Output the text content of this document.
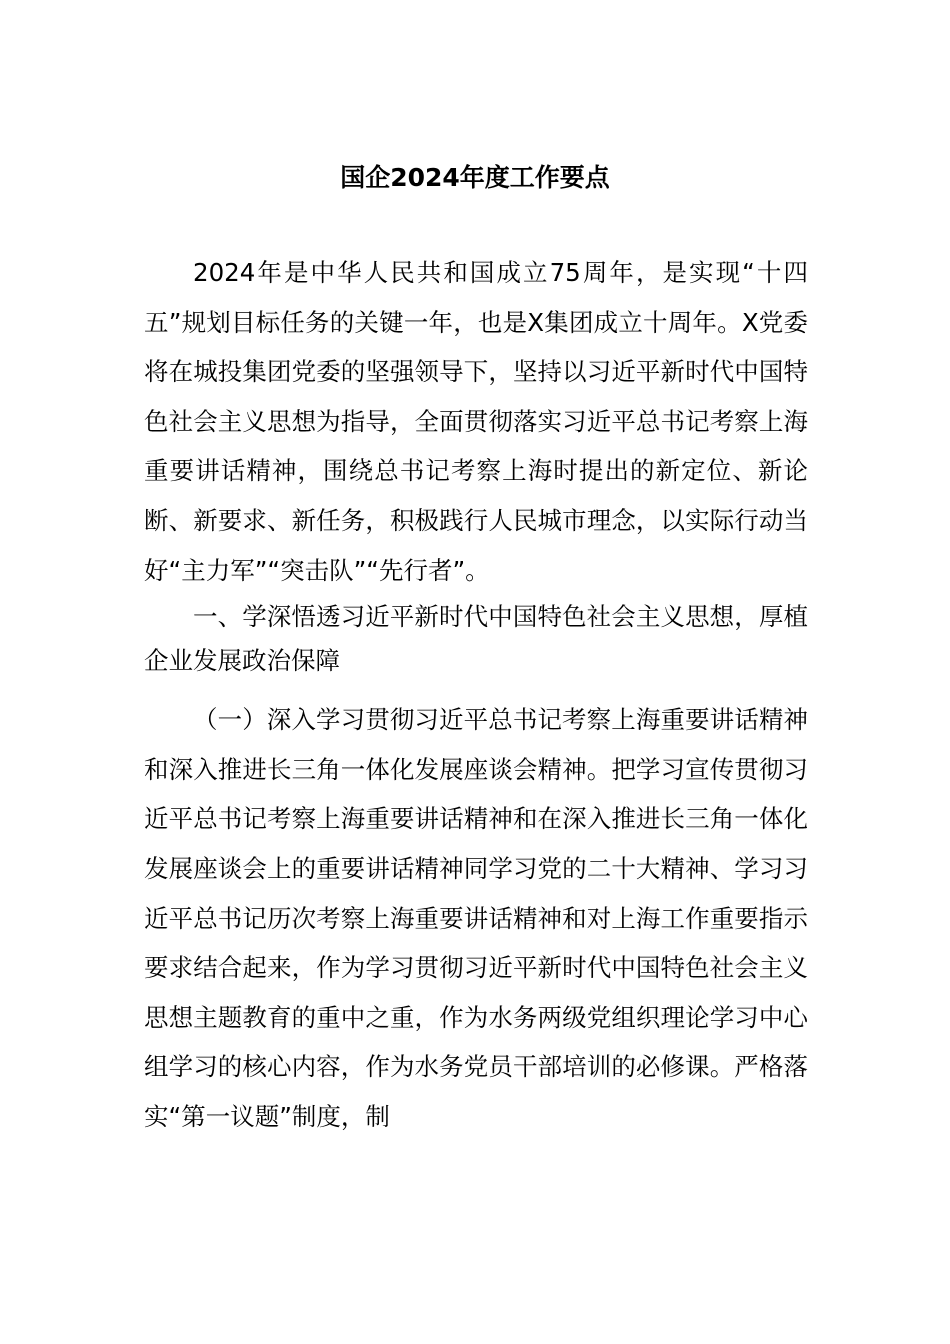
国企2024年度工作要点

2024年是中华人民共和国成立75周年，是实现“十四五”规划目标任务的关键一年，也是X集团成立十周年。X党委将在城投集团党委的坚强领导下，坚持以习近平新时代中国特色社会主义思想为指导，全面贯彻落实习近平总书记考察上海重要讲话精神，围绕总书记考察上海时提出的新定位、新论断、新要求、新任务，积极践行人民城市理念，以实际行动当好“主力军”“突击队”“先行者”。

一、学深悟透习近平新时代中国特色社会主义思想，厚植企业发展政治保障

（一）深入学习贯彻习近平总书记考察上海重要讲话精神和深入推进长三角一体化发展座谈会精神。把学习宣传贯彻习近平总书记考察上海重要讲话精神和在深入推进长三角一体化发展座谈会上的重要讲话精神同学习党的二十大精神、学习习近平总书记历次考察上海重要讲话精神和对上海工作重要指示要求结合起来，作为学习贯彻习近平新时代中国特色社会主义思想主题教育的重中之重，作为水务两级党组织理论学习中心组学习的核心内容，作为水务党员干部培训的必修课。严格落实“第一议题”制度，制
